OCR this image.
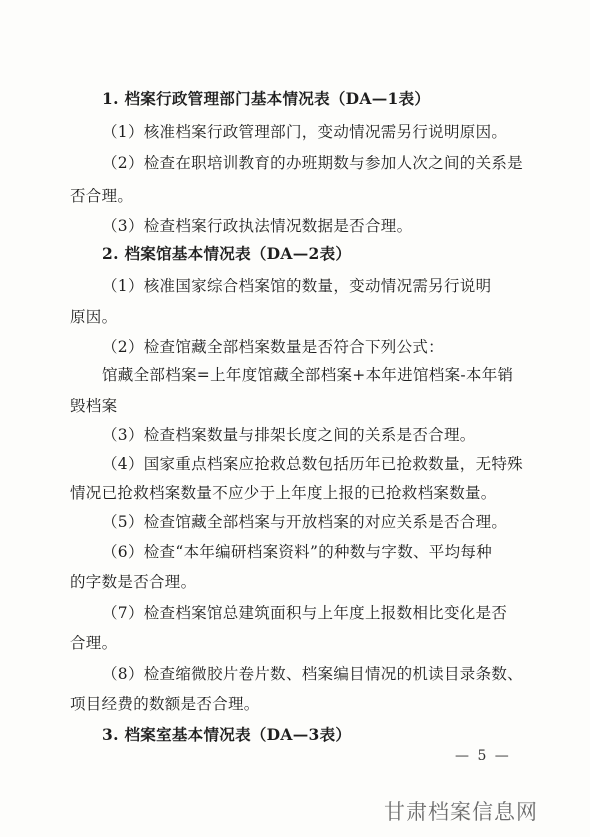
1. 档案行政管理部门基本情况表（DA—1表）
（1）核准档案行政管理部门，变动情况需另行说明原因。
（2）检查在职培训教育的办班期数与参加人次之间的关系是
否合理。
（3）检查档案行政执法情况数据是否合理。
2. 档案馆基本情况表（DA—2表）
（1）核准国家综合档案馆的数量，变动情况需另行说明
原因。
（2）检查馆藏全部档案数量是否符合下列公式：
馆藏全部档案=上年度馆藏全部档案+本年进馆档案-本年销
毁档案
（3）检查档案数量与排架长度之间的关系是否合理。
（4）国家重点档案应抢救总数包括历年已抢救数量，无特殊
情况已抢救档案数量不应少于上年度上报的已抢救档案数量。
（5）检查馆藏全部档案与开放档案的对应关系是否合理。
（6）检查“本年编研档案资料”的种数与字数、平均每种
的字数是否合理。
（7）检查档案馆总建筑面积与上年度上报数相比变化是否
合理。
（8）检查缩微胶片卷片数、档案编目情况的机读目录条数、
项目经费的数额是否合理。
3. 档案室基本情况表（DA—3表）
— 5 —
甘肃档案信息网
